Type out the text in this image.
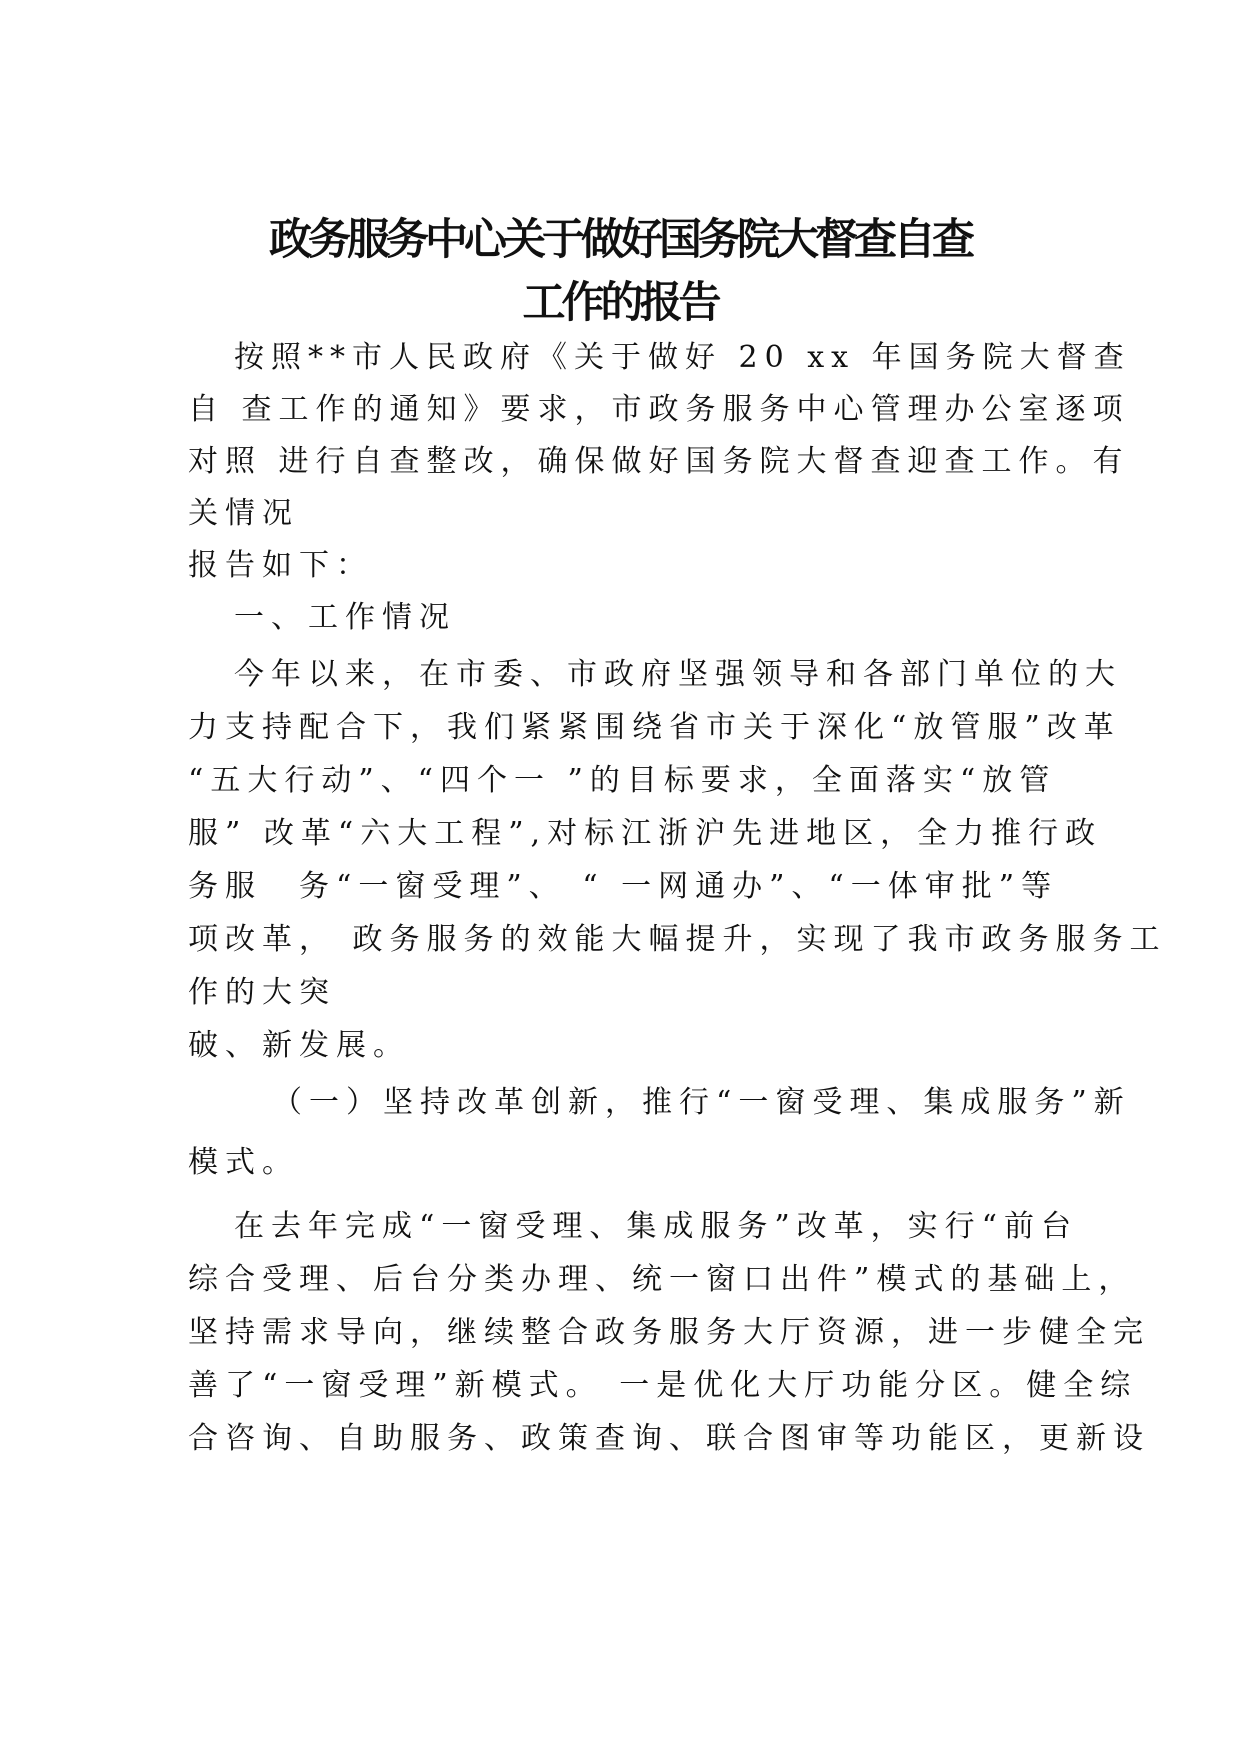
政务服务中心关于做好国务院大督查自查
工作的报告
按照**市人民政府《关于做好 20 xx 年国务院大督查
自 查工作的通知》要求，市政务服务中心管理办公室逐项
对照 进行自查整改，确保做好国务院大督查迎查工作。有
关情况
报告如下：
一、工作情况
今年以来，在市委、市政府坚强领导和各部门单位的大
力支持配合下，我们紧紧围绕省市关于深化“放管服”改革
“五大行动”、“四个一 ”的目标要求，全面落实“放管
服” 改革“六大工程”,对标江浙沪先进地区，全力推行政
务服　务“一窗受理”、 “ 一网通办”、“一体审批”等
项改革， 政务服务的效能大幅提升，实现了我市政务服务工
作的大突
破、新发展。
（一）坚持改革创新，推行“一窗受理、集成服务”新
模式。
在去年完成“一窗受理、集成服务”改革，实行“前台
综合受理、后台分类办理、统一窗口出件”模式的基础上，
坚持需求导向，继续整合政务服务大厅资源，进一步健全完
善了“一窗受理”新模式。 一是优化大厅功能分区。健全综
合咨询、自助服务、政策查询、联合图审等功能区，更新设
